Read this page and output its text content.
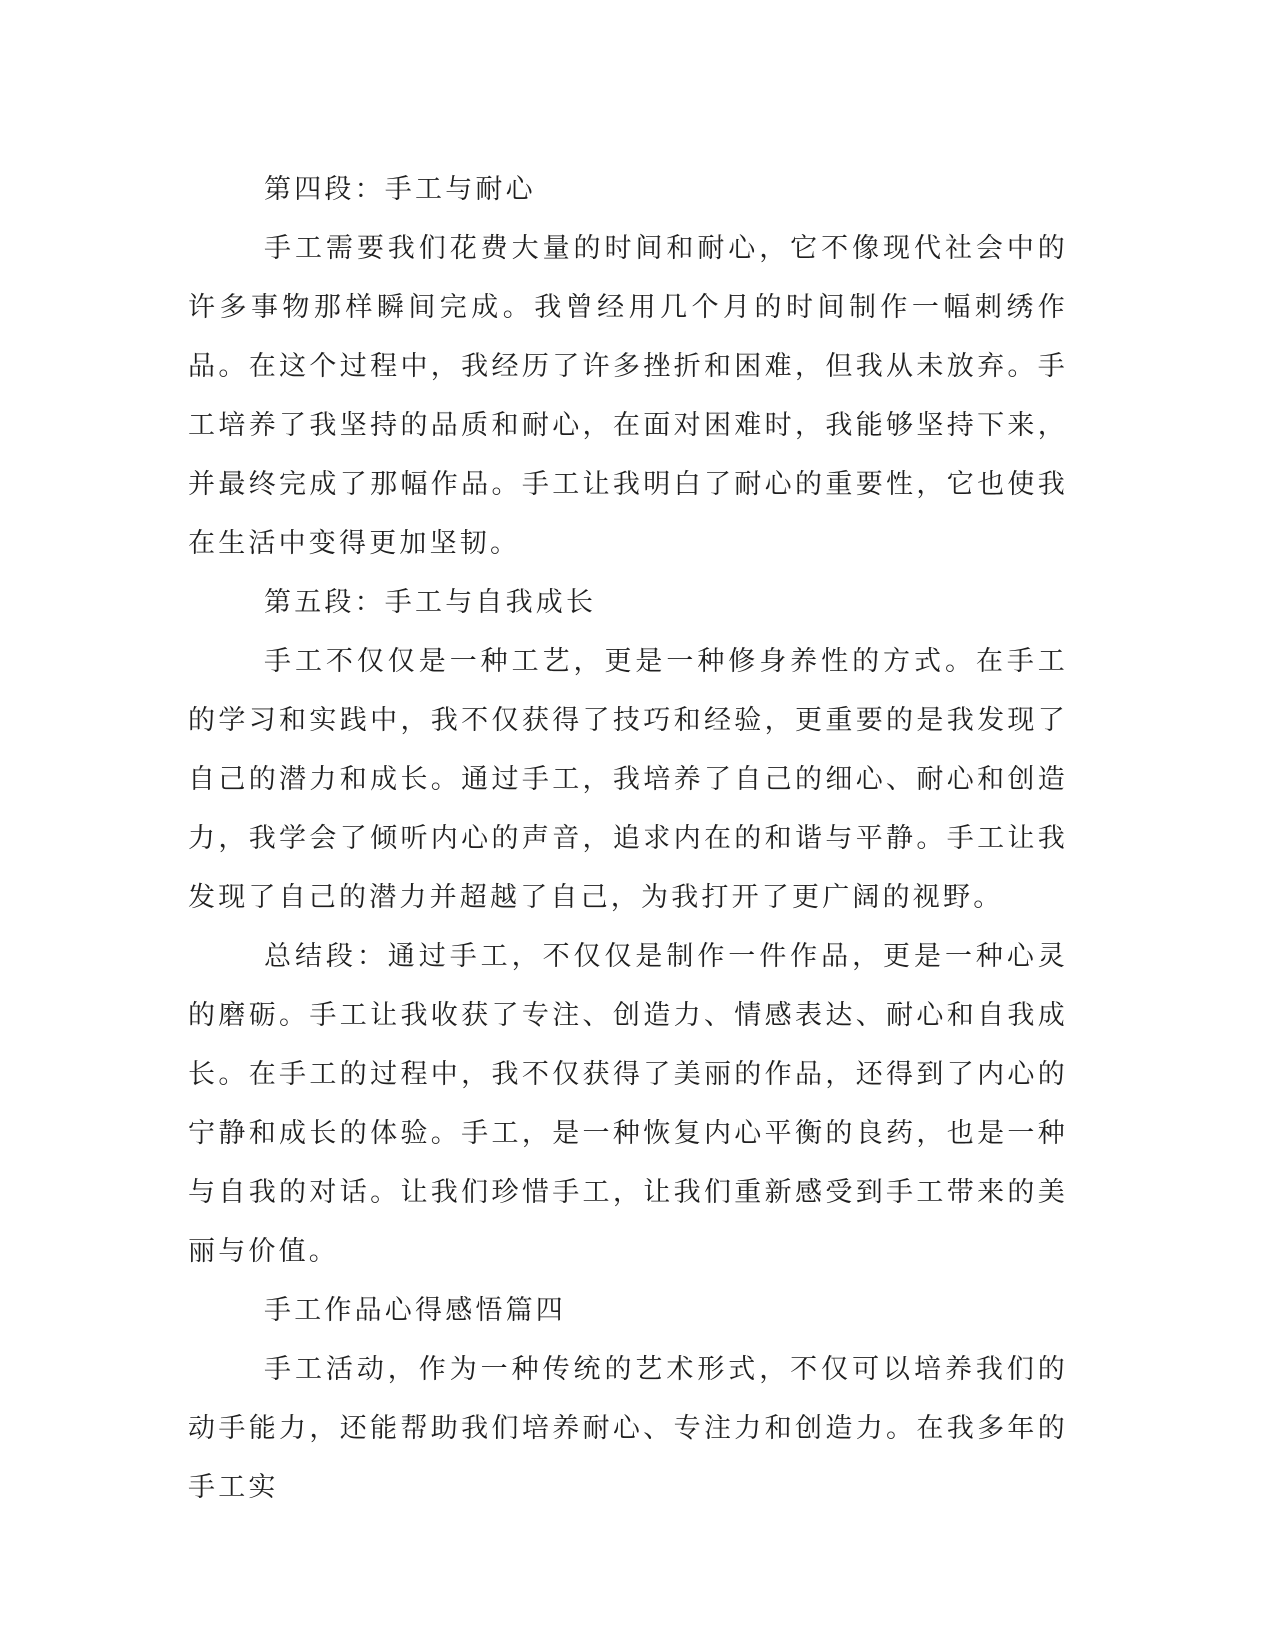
第四段：手工与耐心

手工需要我们花费大量的时间和耐心，它不像现代社会中的许多事物那样瞬间完成。我曾经用几个月的时间制作一幅刺绣作品。在这个过程中，我经历了许多挫折和困难，但我从未放弃。手工培养了我坚持的品质和耐心，在面对困难时，我能够坚持下来，并最终完成了那幅作品。手工让我明白了耐心的重要性，它也使我在生活中变得更加坚韧。

第五段：手工与自我成长

手工不仅仅是一种工艺，更是一种修身养性的方式。在手工的学习和实践中，我不仅获得了技巧和经验，更重要的是我发现了自己的潜力和成长。通过手工，我培养了自己的细心、耐心和创造力，我学会了倾听内心的声音，追求内在的和谐与平静。手工让我发现了自己的潜力并超越了自己，为我打开了更广阔的视野。

总结段：通过手工，不仅仅是制作一件作品，更是一种心灵的磨砺。手工让我收获了专注、创造力、情感表达、耐心和自我成长。在手工的过程中，我不仅获得了美丽的作品，还得到了内心的宁静和成长的体验。手工，是一种恢复内心平衡的良药，也是一种与自我的对话。让我们珍惜手工，让我们重新感受到手工带来的美丽与价值。

手工作品心得感悟篇四

手工活动，作为一种传统的艺术形式，不仅可以培养我们的动手能力，还能帮助我们培养耐心、专注力和创造力。在我多年的手工实
